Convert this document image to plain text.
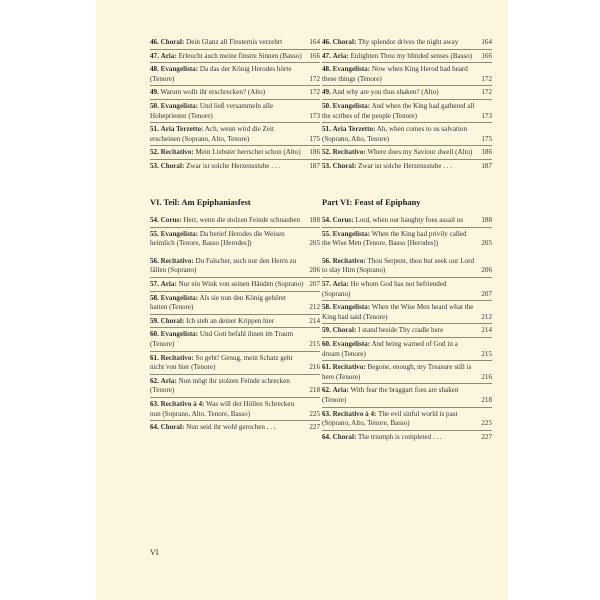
46. Choral: Dein Glanz all Finsternis verzehrt	164
47. Aria: Erleucht auch meine finstre Sinnen (Basso) 166
48. Evangelista: Da das der König Herodes hörte (Tenore)	172
49. Warum wollt ihr erschrecken? (Alto)	172
50. Evangelista: Und ließ versammeln alle Hohepriester (Tenore)	173
51. Aria Terzetto: Ach, wenn wird die Zeit erscheinen (Soprano, Alto, Tenore)	175
52. Recitativo: Mein Liebster herrschet schon (Alto) 186
53. Choral: Zwar ist solche Herzensstube . . .	187
VI. Teil: Am Epiphaniasfest
54. Corus: Herr, wenn die stolzen Feinde schnauben 188
55. Evangelista: Da berief Herodes die Weisen heimlich (Tenore, Basso [Herodes])	205
56. Recitativo: Du Falscher, such nur den Herrn zu fällen (Soprano)	206
57. Aria: Nur ein Wink von seinen Händen (Soprano) 207
58. Evangelista: Als sie nun den König gehöret hatten (Tenore)	212
59. Choral: Ich steh an deiner Krippen hier	214
60. Evangelista: Und Gott befahl ihnen im Traum (Tenore)	215
61. Recitativo: So geht! Genug, mein Schatz geht nicht von hier (Tenore)	216
62. Aria: Nun mögt ihr stolzen Feinde schrecken (Tenore)	218
63. Recitativo à 4: Was will der Höllen Schrecken nun (Soprano, Alto, Tenore, Basso)	225
64. Choral: Nun seid ihr wohl gerochen . . .	227
46. Choral: Thy splendor drives the night away	164
47. Aria: Enlighten Thou my blinded senses (Basso) 166
48. Evangelista: Now when King Herod had heard these things (Tenore)	172
49. And why are you thus shaken? (Alto)	172
50. Evangelista: And when the King had gathered all the scribes of the people (Tenore)	173
51. Aria Terzetto: Ah, when comes to us salvation (Soprano, Alto, Tenore)	175
52. Recitativo: Where does my Saviour dwell (Alto) 186
53. Choral: Zwar ist solche Herzensstube . . .	187
Part VI: Feast of Epiphany
54. Corus: Lord, when our haughty foes assail us	188
55. Evangelista: When the King had privily called the Wise Men (Tenore, Basso [Herodes])	205
56. Recitativo: Thou Serpent, thou but seek our Lord to slay Him (Soprano)	206
57. Aria: He whom God has not befriended (Soprano)	207
58. Evangelista: When the Wise Men heard what the King had said (Tenore)	212
59. Choral: I stand beside Thy cradle here	214
60. Evangelista: And being warned of God in a dream (Tenore)	215
61. Recitativo: Begone, enough, my Treasure still is here (Tenore)	216
62. Aria: With fear the braggart foes are shaken (Tenore)	218
63. Recitativo à 4: The evil sinful world is past (Soprano, Alto, Tenore, Basso)	225
64. Choral: The triumph is completed . . .	227
VI
